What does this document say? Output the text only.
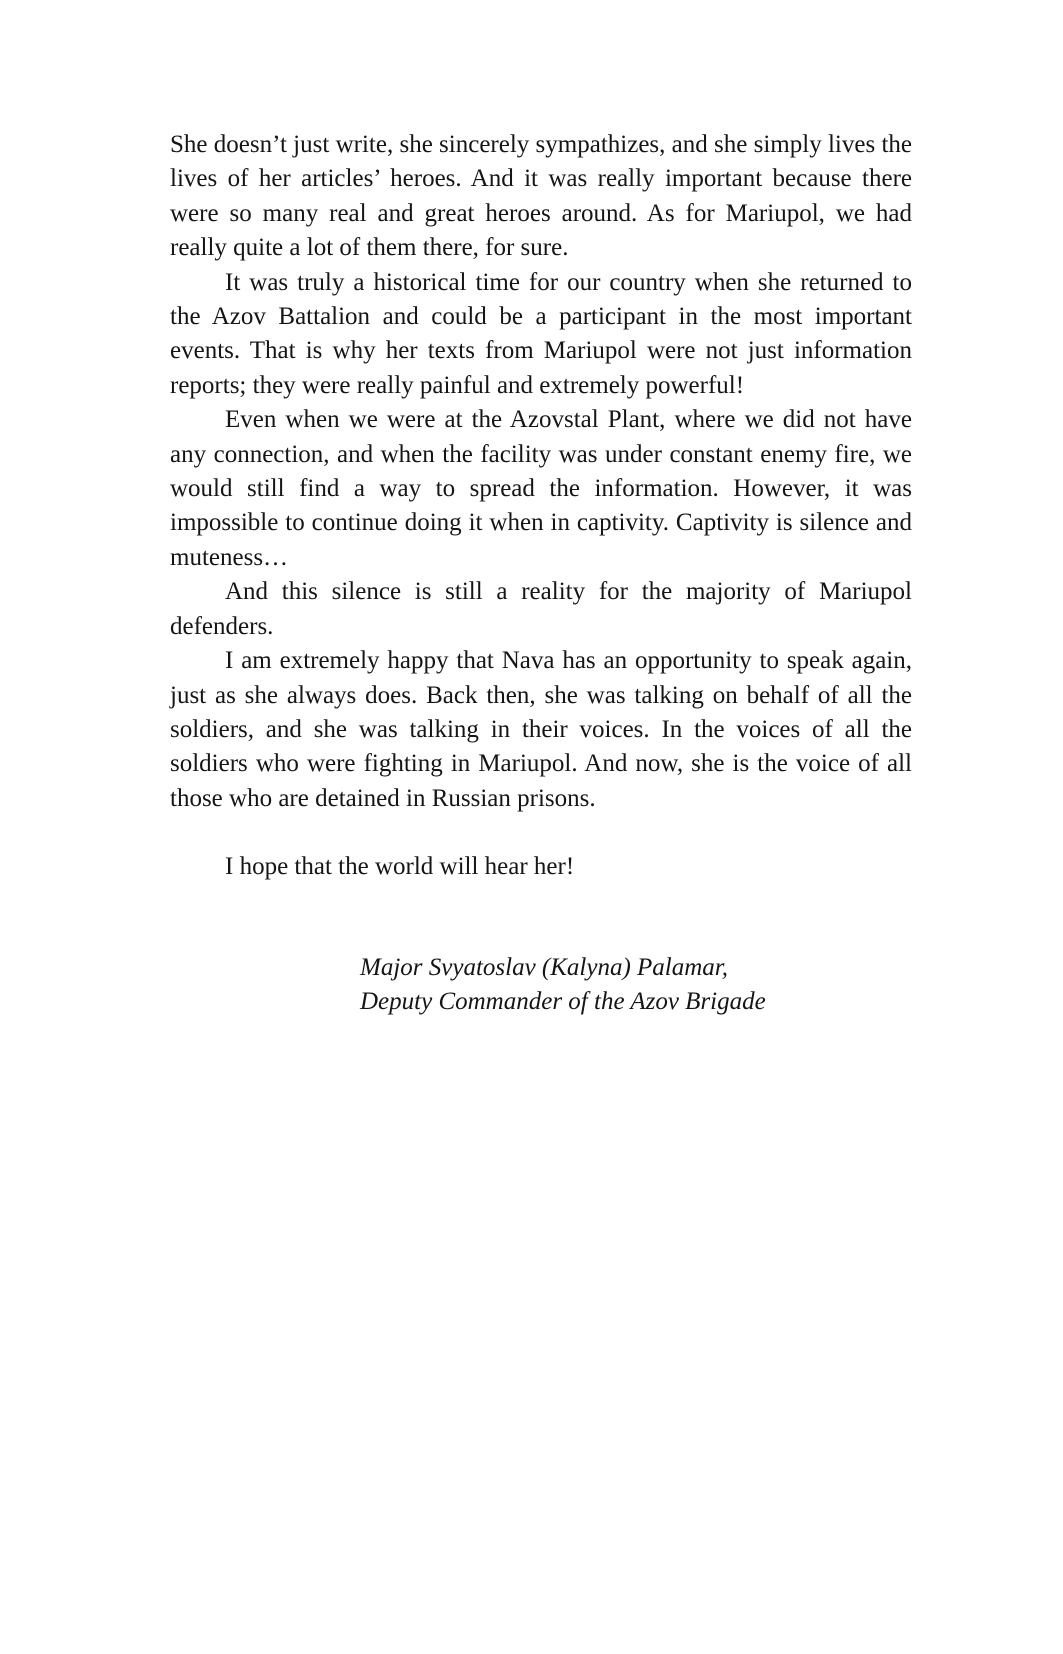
She doesn’t just write, she sincerely sympathizes, and she simply lives the lives of her articles’ heroes. And it was really important because there were so many real and great heroes around. As for Mariupol, we had really quite a lot of them there, for sure.

It was truly a historical time for our country when she returned to the Azov Battalion and could be a participant in the most important events. That is why her texts from Mariupol were not just information reports; they were really painful and extremely powerful!

Even when we were at the Azovstal Plant, where we did not have any connection, and when the facility was under constant enemy fire, we would still find a way to spread the information. However, it was impossible to continue doing it when in captivity. Captivity is silence and muteness…

And this silence is still a reality for the majority of Mariupol defenders.

I am extremely happy that Nava has an opportunity to speak again, just as she always does. Back then, she was talking on behalf of all the soldiers, and she was talking in their voices. In the voices of all the soldiers who were fighting in Mariupol. And now, she is the voice of all those who are detained in Russian prisons.

I hope that the world will hear her!

Major Svyatoslav (Kalyna) Palamar,

Deputy Commander of the Azov Brigade
